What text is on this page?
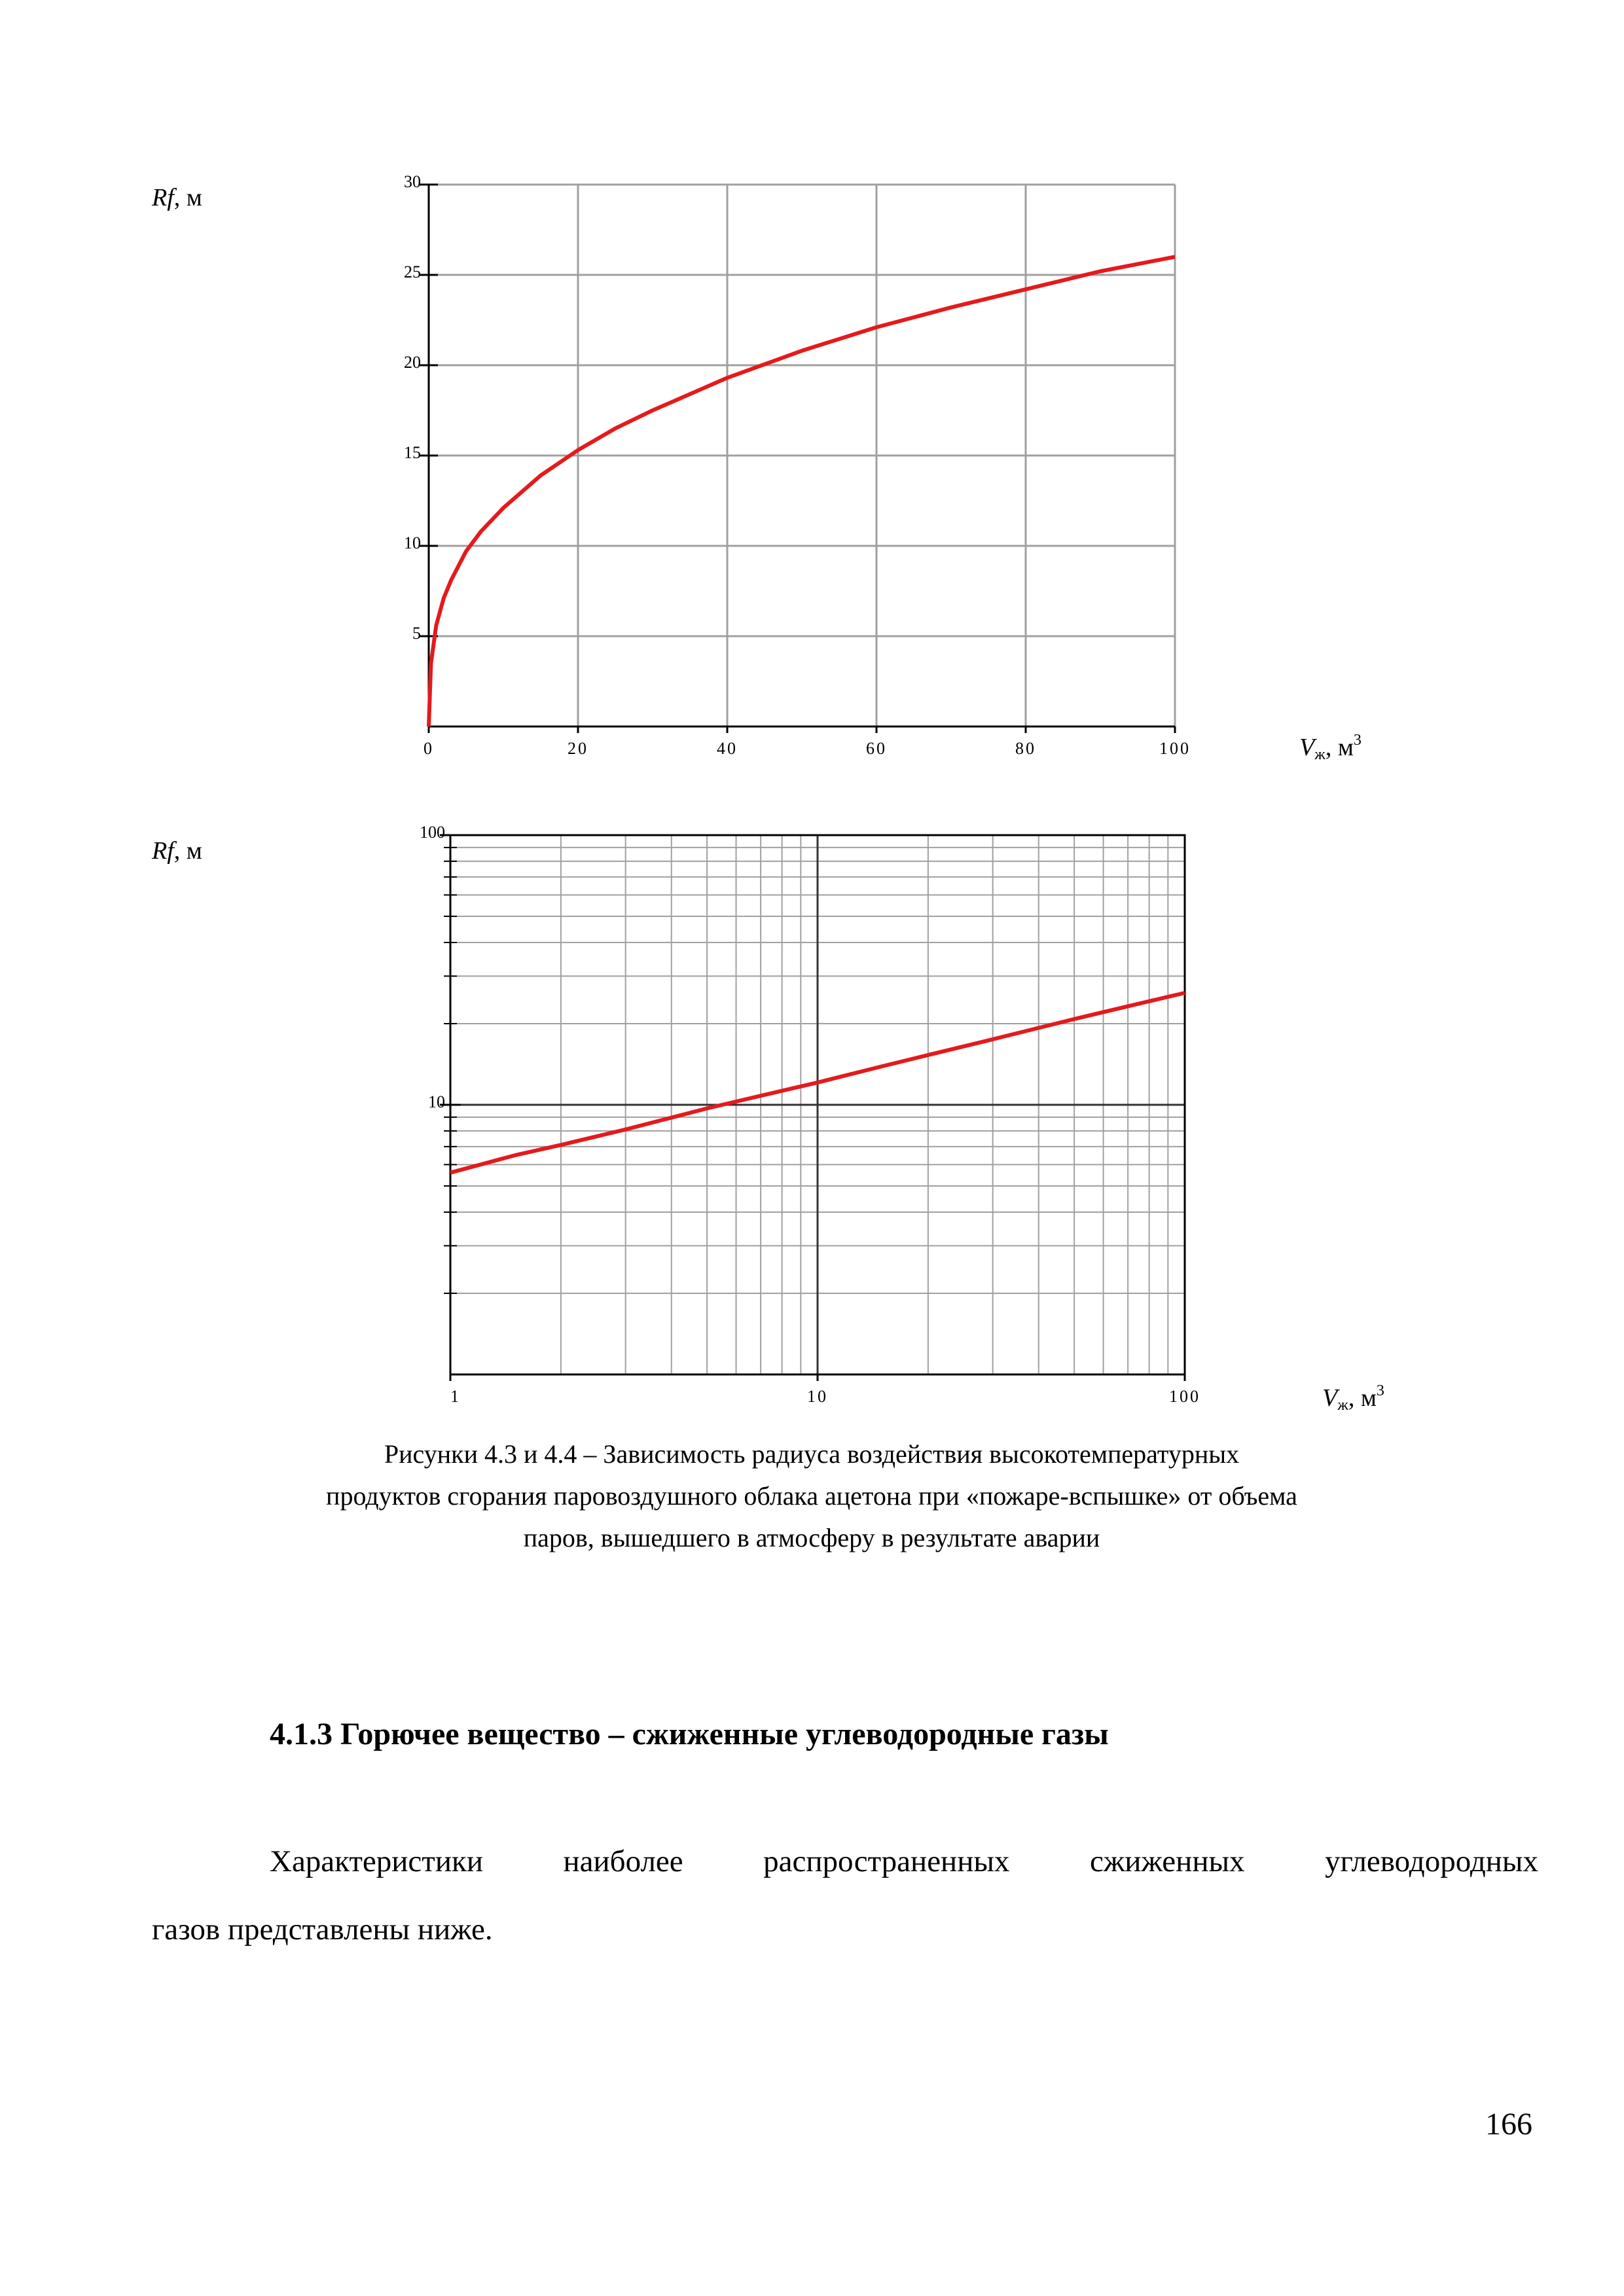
Rf, м
$V_ж$, $м^3$
0	20	40	60	80	100
5
10
15
20
25
30
Rf, м
$V_ж$, $м^3$
1	10	100
10
100
Рисунки 4.3 и 4.4 – Зависимость радиуса воздействия высокотемпературных
продуктов сгорания паровоздушного облака ацетона при «пожаре-вспышке» от объема
паров, вышедшего в атмосферу в результате аварии
4.1.3 Горючее вещество – сжиженные углеводородные газы
Характеристики наиболее распространенных сжиженных углеводородных
газов представлены ниже.
166
